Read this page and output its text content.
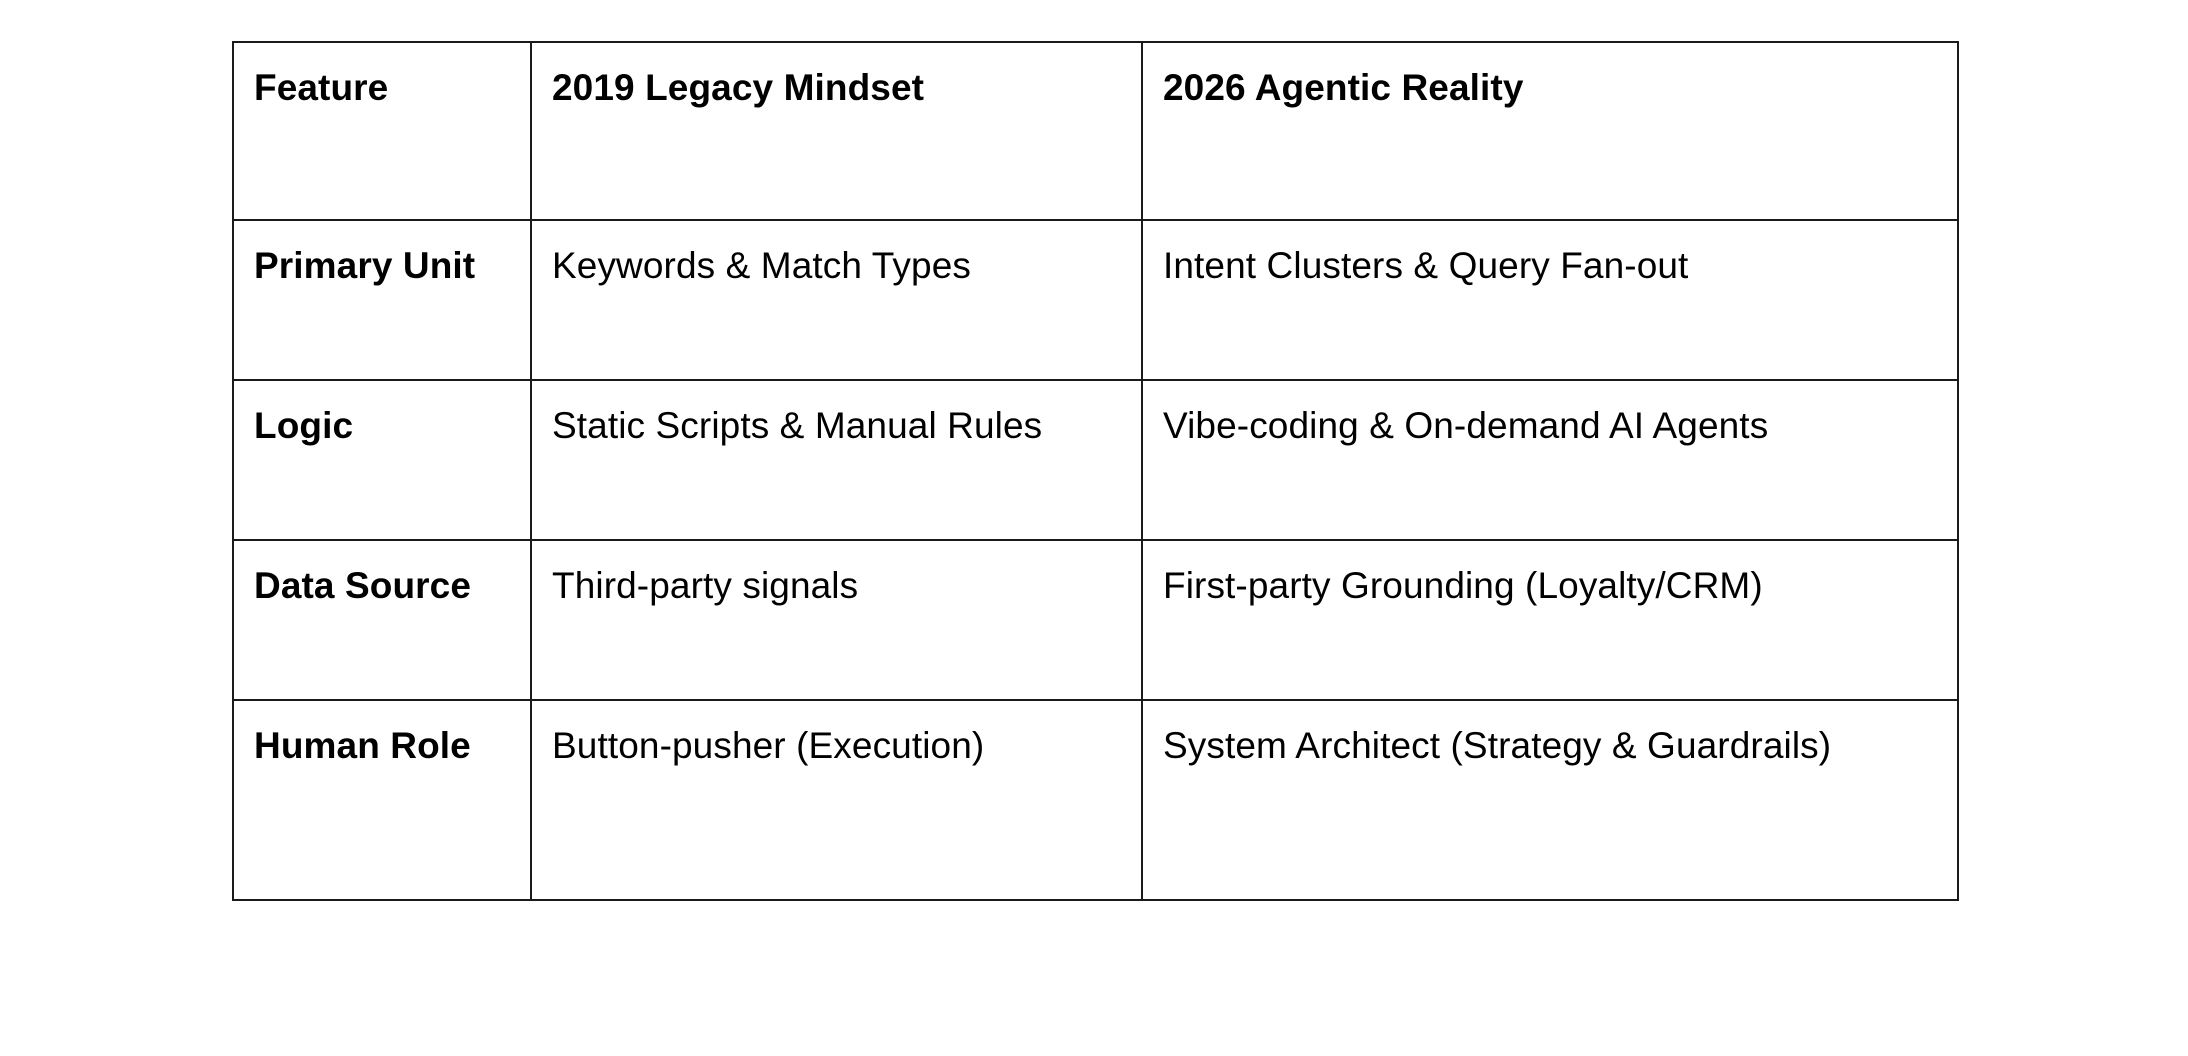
Feature	2019 Legacy Mindset	2026 Agentic Reality

Primary Unit	Keywords & Match Types	Intent Clusters & Query Fan-out

Logic	Static Scripts & Manual Rules	Vibe-coding & On-demand AI Agents

Data Source	Third-party signals	First-party Grounding (Loyalty/CRM)

Human Role	Button-pusher (Execution)	System Architect (Strategy & Guardrails)
